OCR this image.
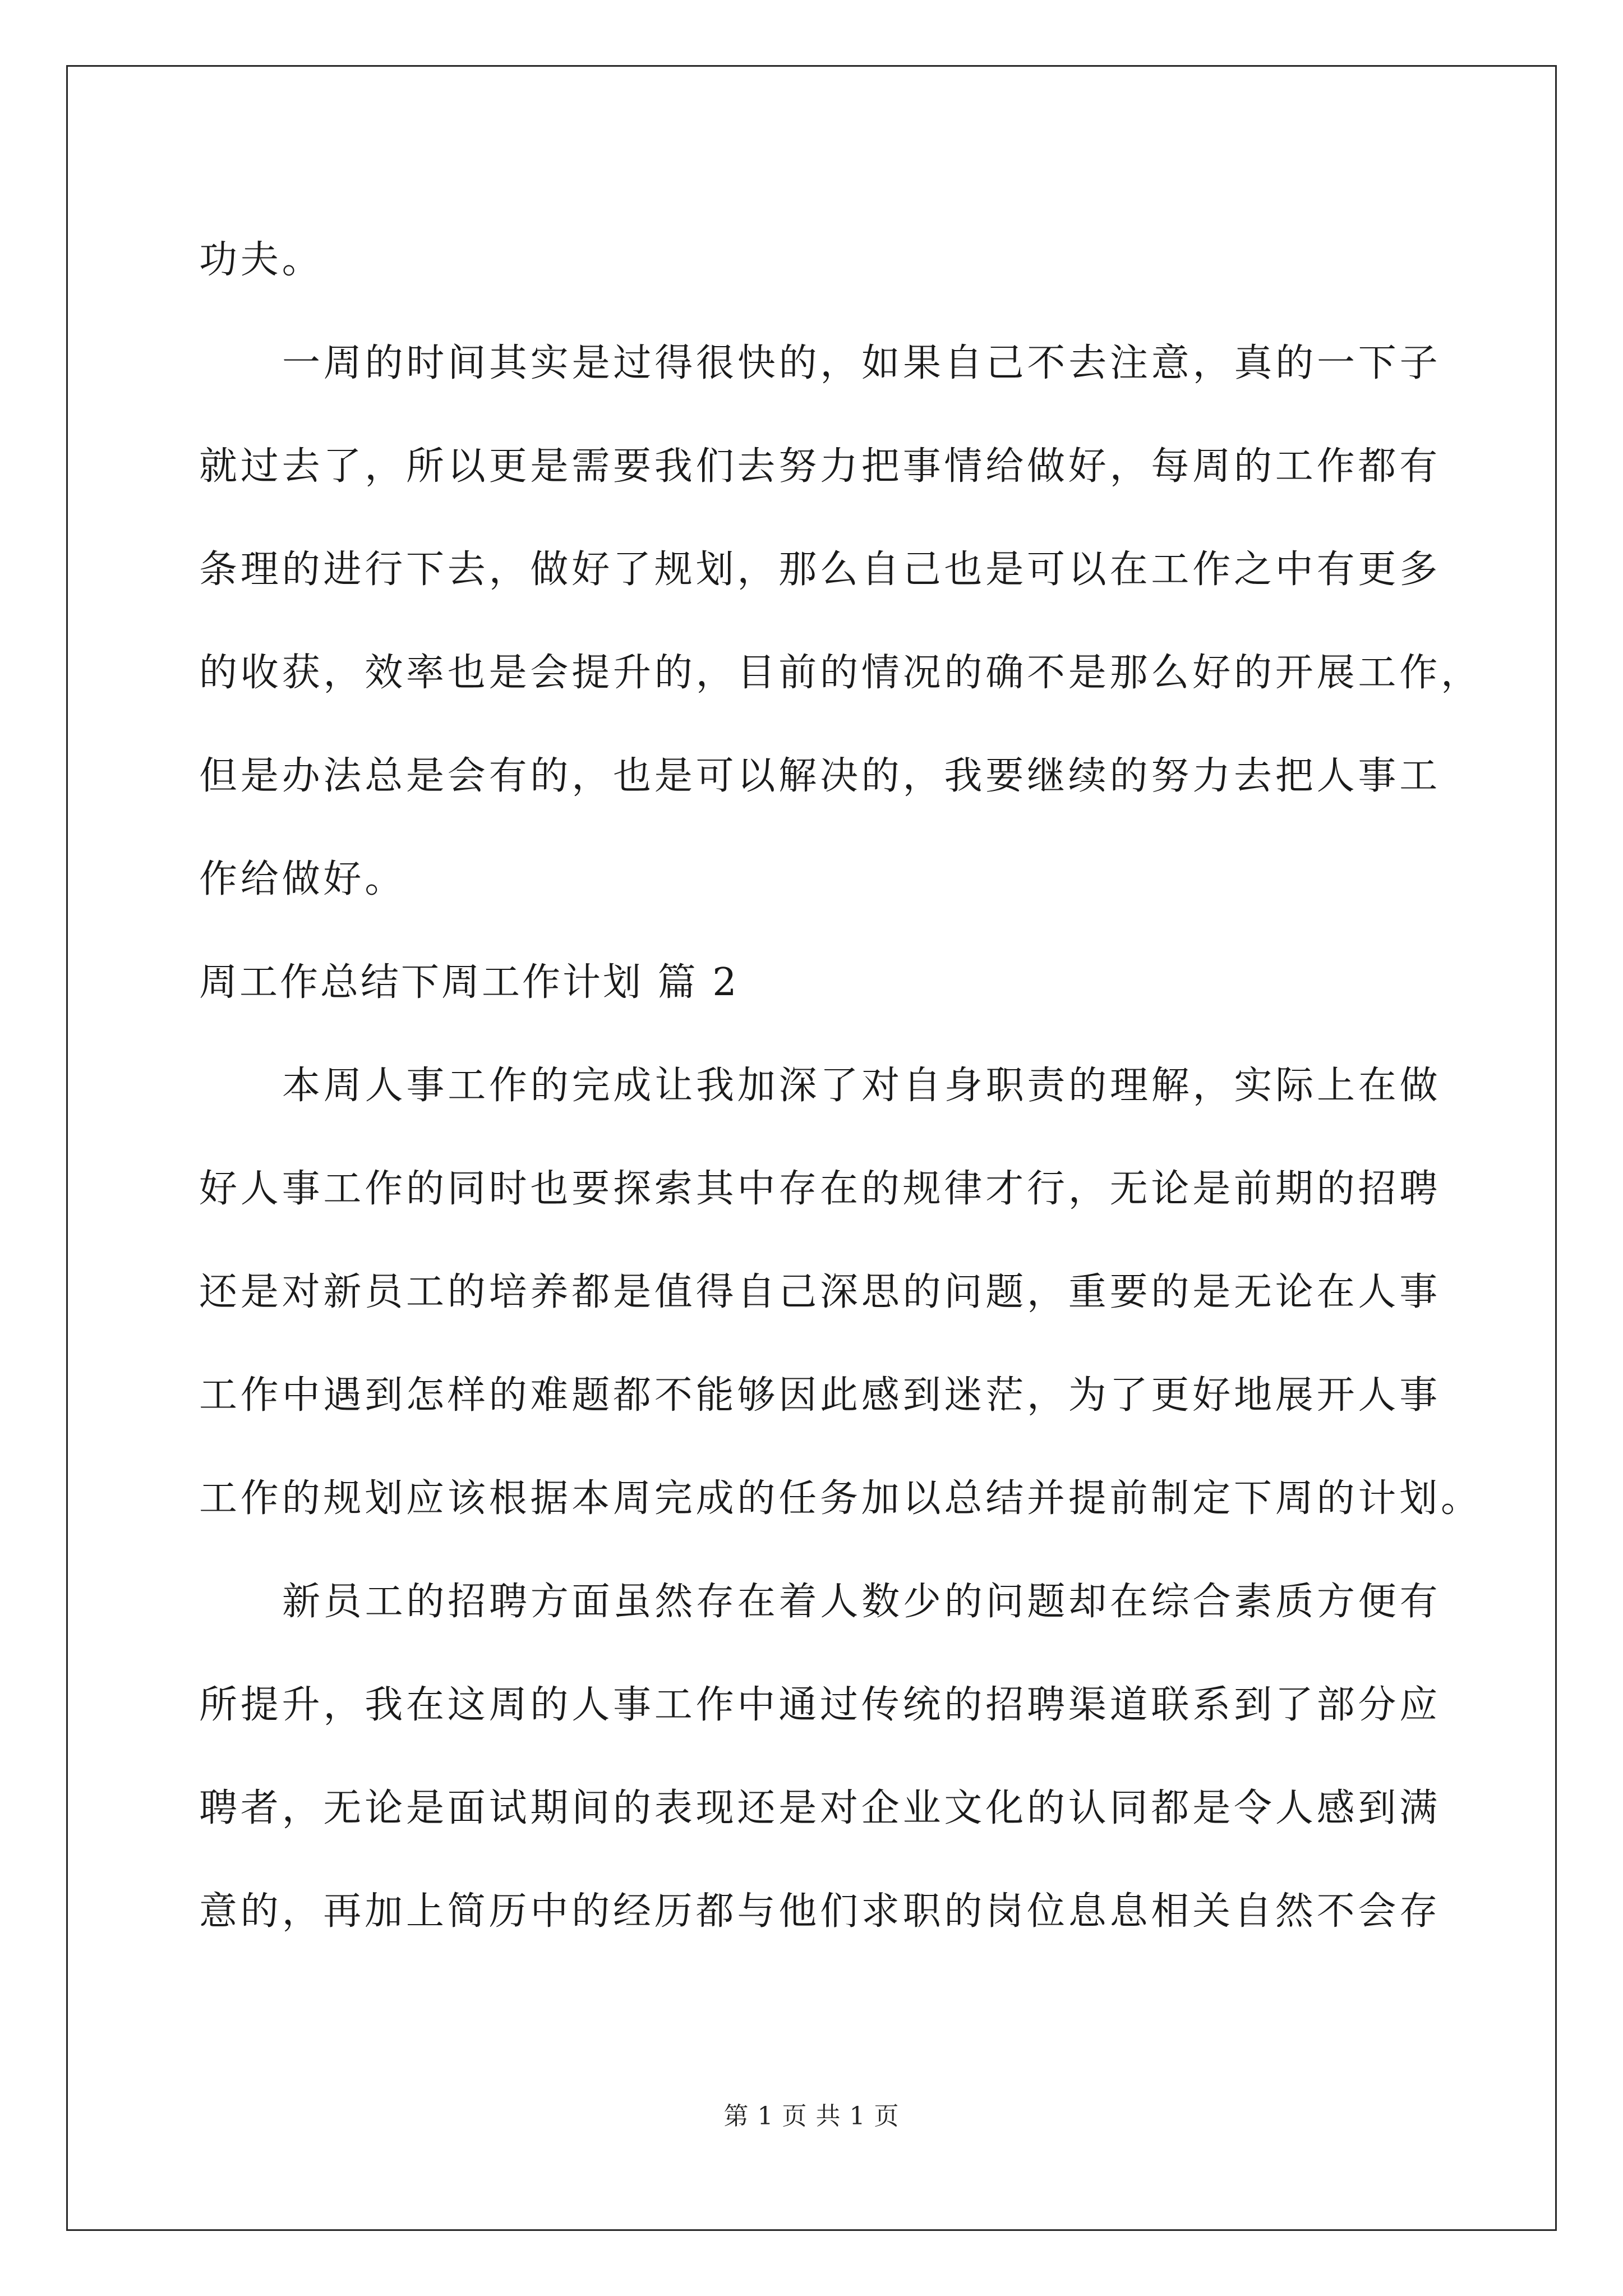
功夫。
一周的时间其实是过得很快的，如果自己不去注意，真的一下子
就过去了，所以更是需要我们去努力把事情给做好，每周的工作都有
条理的进行下去，做好了规划，那么自己也是可以在工作之中有更多
的收获，效率也是会提升的，目前的情况的确不是那么好的开展工作，
但是办法总是会有的，也是可以解决的，我要继续的努力去把人事工
作给做好。
周工作总结下周工作计划 篇 2
本周人事工作的完成让我加深了对自身职责的理解，实际上在做
好人事工作的同时也要探索其中存在的规律才行，无论是前期的招聘
还是对新员工的培养都是值得自己深思的问题，重要的是无论在人事
工作中遇到怎样的难题都不能够因此感到迷茫，为了更好地展开人事
工作的规划应该根据本周完成的任务加以总结并提前制定下周的计划。
新员工的招聘方面虽然存在着人数少的问题却在综合素质方便有
所提升，我在这周的人事工作中通过传统的招聘渠道联系到了部分应
聘者，无论是面试期间的表现还是对企业文化的认同都是令人感到满
意的，再加上简历中的经历都与他们求职的岗位息息相关自然不会存
第 1 页 共 1 页
